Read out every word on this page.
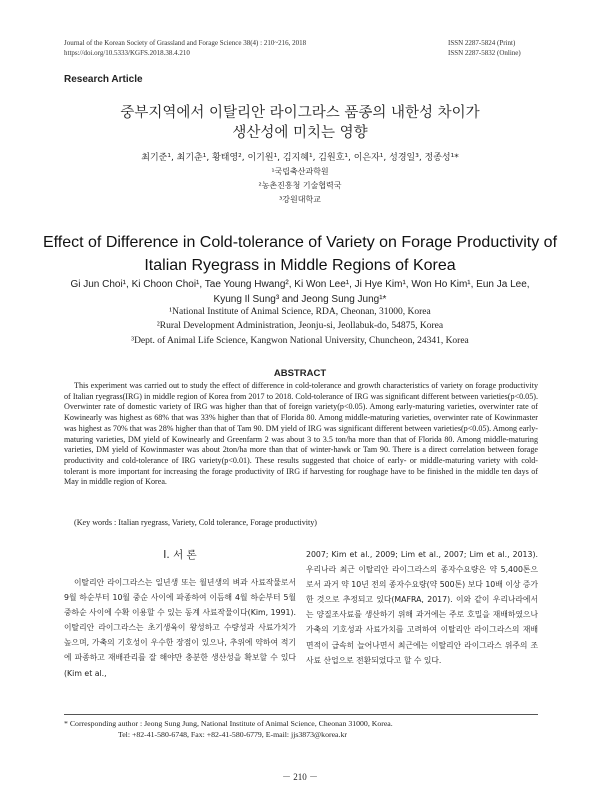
Journal of the Korean Society of Grassland and Forage Science 38(4) : 210~216, 2018
https://doi.org/10.5333/KGFS.2018.38.4.210
ISSN 2287-5824 (Print)
ISSN 2287-5832 (Online)
Research Article
중부지역에서 이탈리안 라이그라스 품종의 내한성 차이가
생산성에 미치는 영향
최기준¹, 최기춘¹, 황태영², 이기원¹, 김지혜¹, 김원호¹, 이은자¹, 성경일³, 정종성¹*
¹국립축산과학원
²농촌진흥청 기술협력국
³강원대학교
Effect of Difference in Cold-tolerance of Variety on Forage Productivity of
Italian Ryegrass in Middle Regions of Korea
Gi Jun Choi¹, Ki Choon Choi¹, Tae Young Hwang², Ki Won Lee¹, Ji Hye Kim¹, Won Ho Kim¹, Eun Ja Lee,
Kyung Il Sung³ and Jeong Sung Jung¹*
¹National Institute of Animal Science, RDA, Cheonan, 31000, Korea
²Rural Development Administration, Jeonju-si, Jeollabuk-do, 54875, Korea
³Dept. of Animal Life Science, Kangwon National University, Chuncheon, 24341, Korea
ABSTRACT
This experiment was carried out to study the effect of difference in cold-tolerance and growth characteristics of variety on forage productivity of Italian ryegrass(IRG) in middle region of Korea from 2017 to 2018. Cold-tolerance of IRG was significant different between varieties(p<0.05). Overwinter rate of domestic variety of IRG was higher than that of foreign variety(p<0.05). Among early-maturing varieties, overwinter rate of Kowinearly was highest as 68% that was 33% higher than that of Florida 80. Among middle-maturing varieties, overwinter rate of Kowinmaster was highest as 70% that was 28% higher than that of Tam 90. DM yield of IRG was significant different between varieties(p<0.05). Among early-maturing varieties, DM yield of Kowinearly and Greenfarm 2 was about 3 to 3.5 ton/ha more than that of Florida 80. Among middle-maturing varieties, DM yield of Kowinmaster was about 2ton/ha more than that of winter-hawk or Tam 90. There is a direct correlation between forage productivity and cold-tolerance of IRG variety(p<0.01). These results suggested that choice of early- or middle-maturing variety with cold-tolerant is more important for increasing the forage productivity of IRG if harvesting for roughage have to be finished in the middle ten days of May in middle region of Korea.
(Key words : Italian ryegrass, Variety, Cold tolerance, Forage productivity)
Ⅰ. 서 론
이탈리안 라이그라스는 일년생 또는 월년생의 벼과 사료작물로서 9월 하순부터 10월 중순 사이에 파종하여 이듬해 4월 하순부터 5월 중하순 사이에 수확 이용할 수 있는 동계 사료작물이다(Kim, 1991). 이탈리안 라이그라스는 초기생육이 왕성하고 수량성과 사료가치가 높으며, 가축의 기호성이 우수한 장점이 있으나, 추위에 약하여 적기에 파종하고 재배관리를 잘 해야만 충분한 생산성을 확보할 수 있다(Kim et al.,
2007; Kim et al., 2009; Lim et al., 2007; Lim et al., 2013). 우리나라 최근 이탈리안 라이그라스의 종자수요량은 약 5,400톤으로서 과거 약 10년 전의 종자수요량(약 500톤) 보다 10배 이상 증가한 것으로 추정되고 있다(MAFRA, 2017). 이와 같이 우리나라에서는 양질조사료를 생산하기 위해 과거에는 주로 호밀을 재배하였으나 가축의 기호성과 사료가치를 고려하여 이탈리안 라이그라스의 재배면적이 급속히 늘어나면서 최근에는 이탈리안 라이그라스 위주의 조사료 산업으로 전환되었다고 할 수 있다.
* Corresponding author : Jeong Sung Jung, National Institute of Animal Science, Cheonan 31000, Korea.
Tel: +82-41-580-6748, Fax: +82-41-580-6779, E-mail: jjs3873@korea.kr
－ 210 －
